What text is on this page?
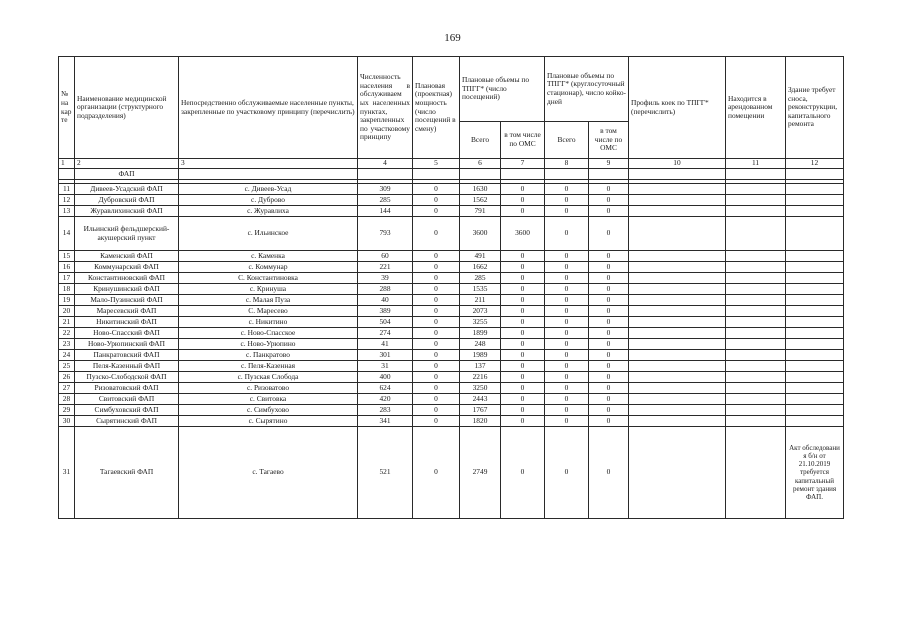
169
№ на кар те	Наименование медицинской организации (структурного подразделения)	Непосредственно обслуживаемые населенные пункты, закрепленные по участковому принципу (перечислить)	Численность населения в обслуживаем ых населенных пунктах, закрепленных по участковому принципу	Плановая (проектная) мощность (число посещений в смену)	Плановые объемы по ТПГГ* (число посещений)		Плановые объемы по ТПГГ* (круглосуточный стационар), число койко-дней		Профиль коек по ТПГГ* (перечислить)	Находится в арендованном помещении	Здание требует сноса, реконструкции, капитального ремонта
					Всего	в том числе по ОМС	Всего	в том числе по ОМС			
1	2	3	4	5	6	7	8	9	10	11	12
	ФАП										

11	Дивеев-Усадский ФАП	с. Дивеев-Усад	309	0	1630	0	0	0			
12	Дубровский ФАП	с. Дуброво	285	0	1562	0	0	0			
13	Журавлихинский ФАП	с. Журавлиха	144	0	791	0	0	0			
14	Ильинский фельдшерский-акушерский пункт	с. Ильинское	793	0	3600	3600	0	0			
15	Каменский ФАП	с. Каменка	60	0	491	0	0	0			
16	Коммунарский ФАП	с. Коммунар	221	0	1662	0	0	0			
17	Константиновский ФАП	С. Константиновка	39	0	285	0	0	0			
18	Кринушинский ФАП	с. Кринуша	288	0	1535	0	0	0			
19	Мало-Пузинский ФАП	с. Малая Пуза	40	0	211	0	0	0			
20	Маресевский ФАП	С. Маресево	389	0	2073	0	0	0			
21	Никитинский ФАП	с. Никитино	504	0	3255	0	0	0			
22	Ново-Спасский ФАП	с. Ново-Спасское	274	0	1899	0	0	0			
23	Ново-Урюпинский ФАП	с. Ново-Урюпино	41	0	248	0	0	0			
24	Панкратовский ФАП	с. Панкратово	301	0	1989	0	0	0			
25	Пеля-Казенный ФАП	с. Пеля-Казенная	31	0	137	0	0	0			
26	Пузско-Слободской ФАП	с. Пузская Слобода	400	0	2216	0	0	0			
27	Ризоватовский ФАП	с. Ризоватово	624	0	3250	0	0	0			
28	Свитовский ФАП	с. Свитовка	420	0	2443	0	0	0			
29	Симбуховский ФАП	с. Симбухово	283	0	1767	0	0	0			
30	Сырятинский ФАП	с. Сырятино	341	0	1820	0	0	0			
31	Тагаевский ФАП	с. Тагаево	521	0	2749	0	0	0			Акт обследовани я б/н от 21.10.2019 требуется капитальный ремонт здания ФАП.
